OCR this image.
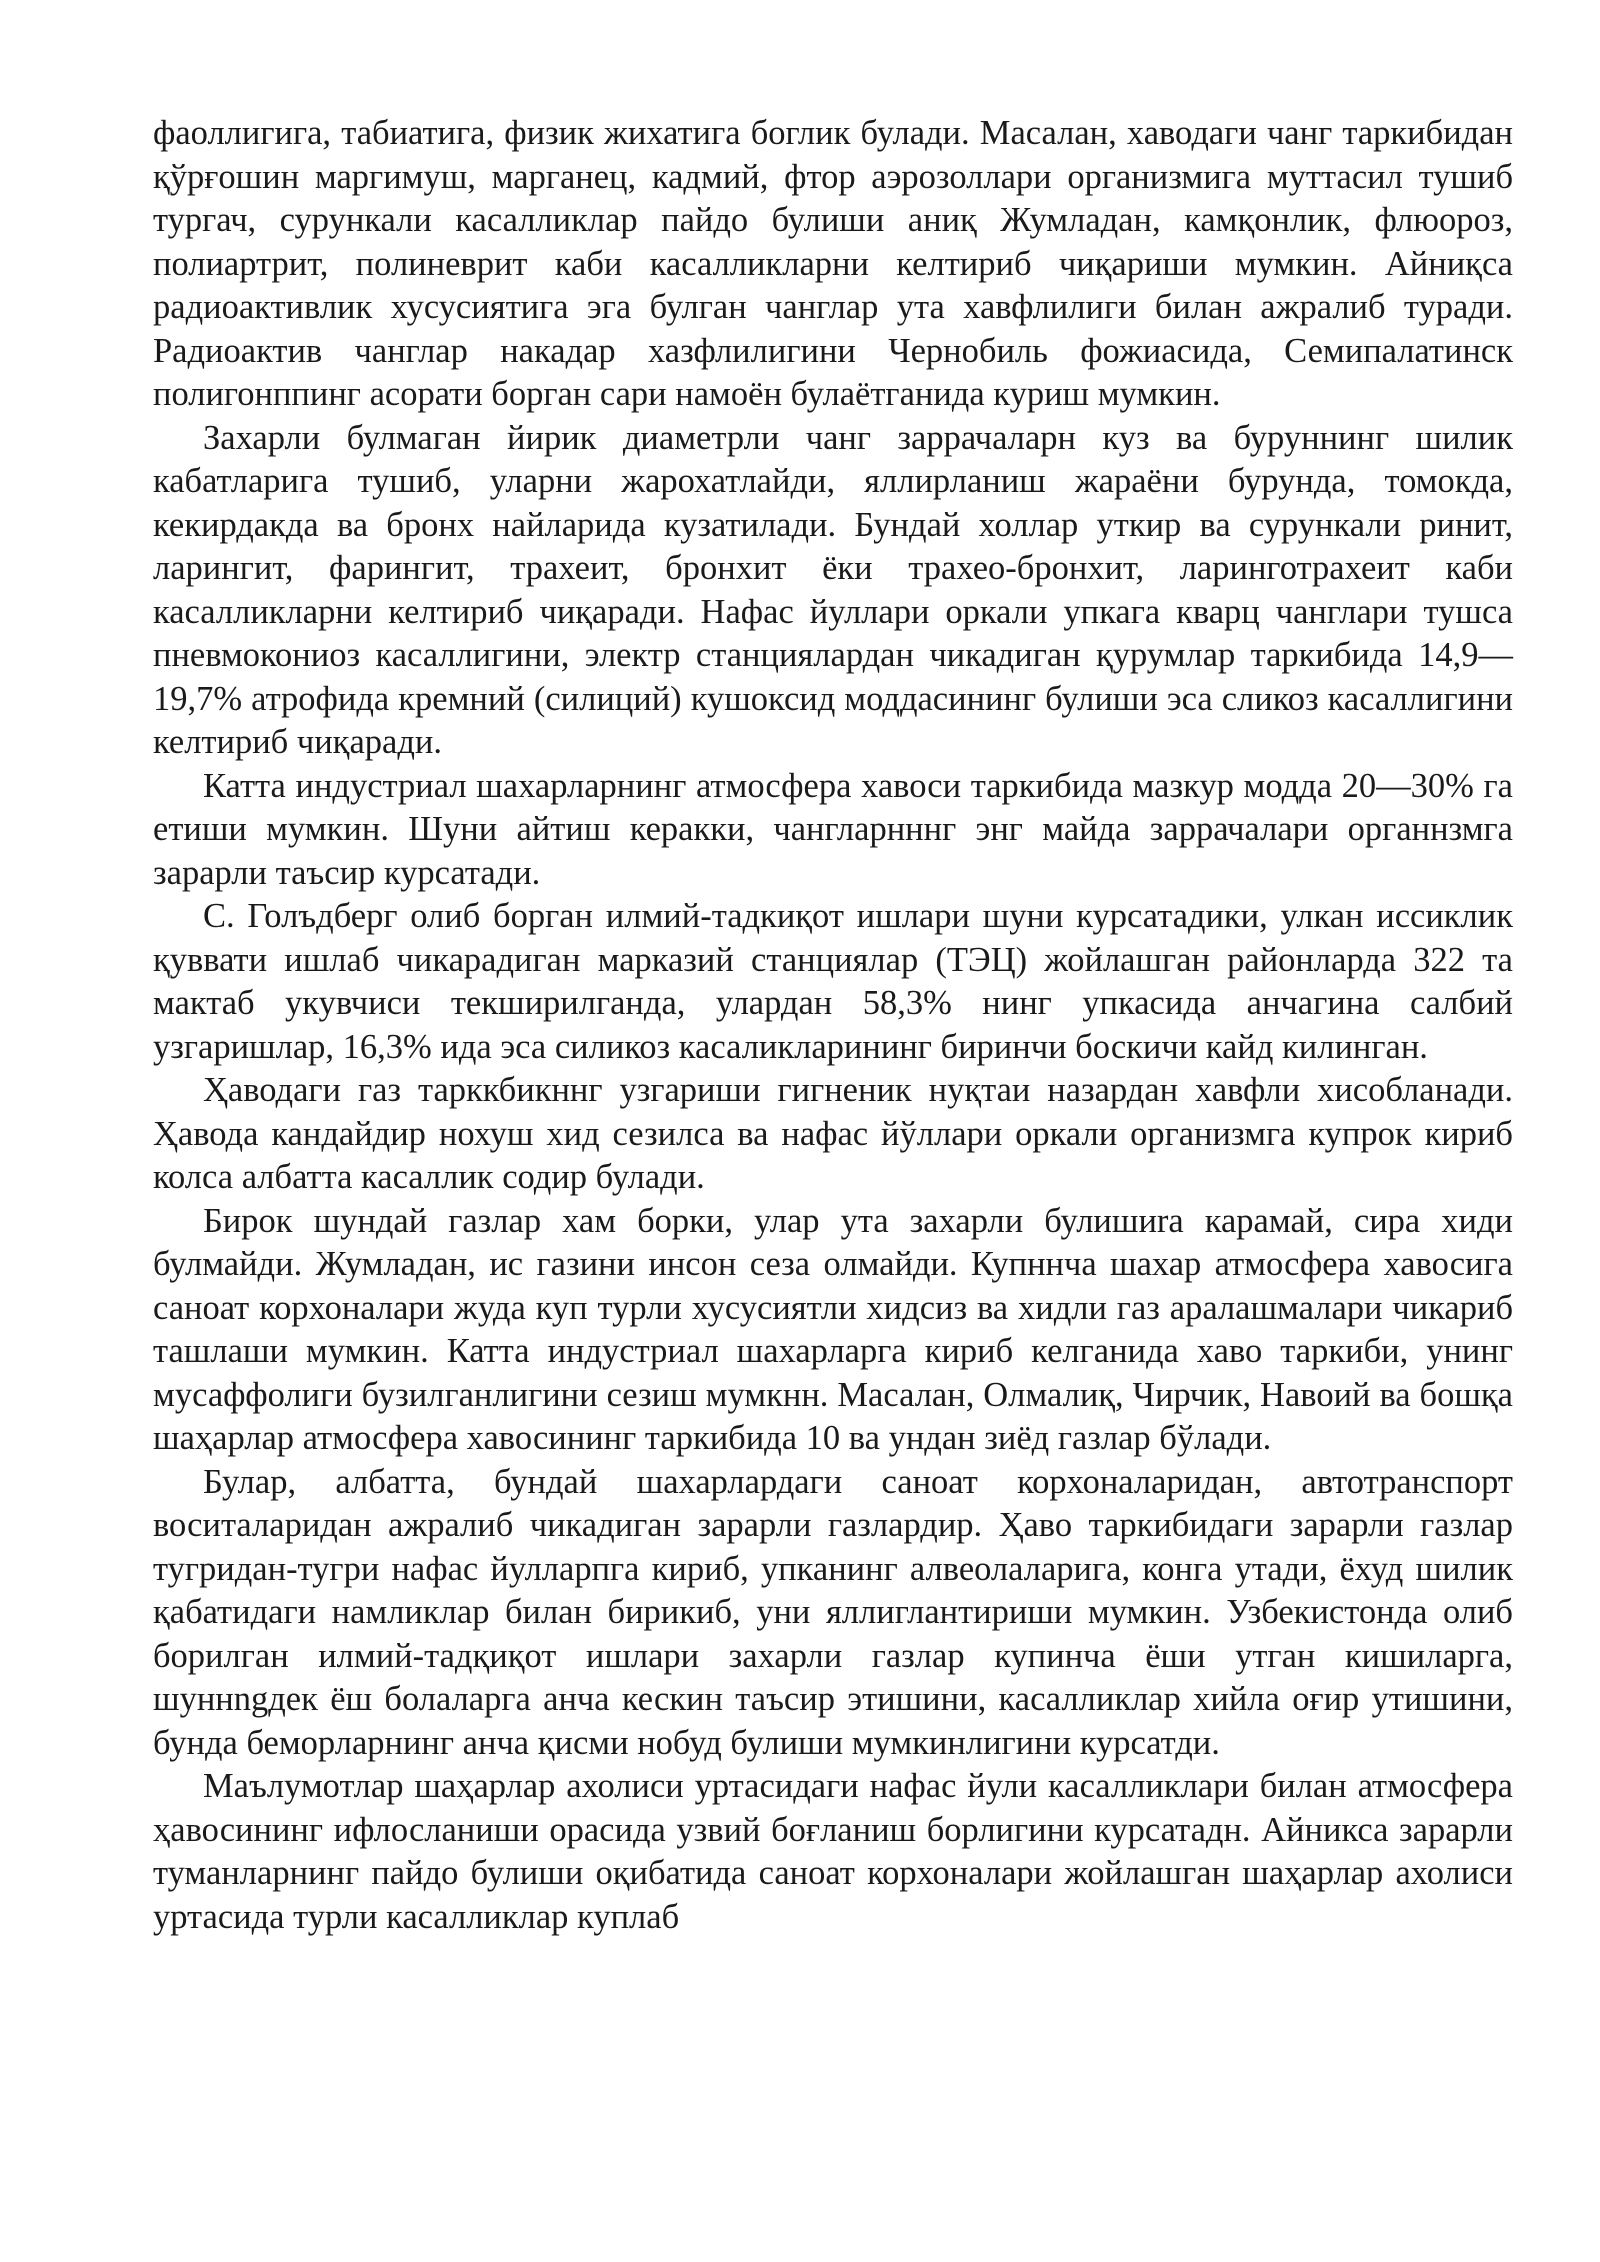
фаоллигига, табиатига, физик жихатига боглик булади. Масалан, хаводаги чанг таркибидан қўрғошин маргимуш, марганец, кадмий, фтор аэрозоллари организмига муттасил тушиб тургач, сурункали касалликлар пайдо булиши аниқ Жумладан, камқонлик, флюороз, полиартрит, полиневрит каби касалликларни келтириб чиқариши мумкин. Айниқса радиоактивлик хусусиятига эга булган чанглар ута хавфлилиги билан ажралиб туради. Радиоактив чанглар накадар хазфлилигини Чернобиль фожиасида, Семипалатинск полигонппинг асорати борган сари намоён булаётганида куриш мумкин.

Захарли булмаган йирик диаметрли чанг заррачаларн куз ва буруннинг шилик кабатларига тушиб, уларни жарохатлайди, яллирланиш жараёни бурунда, томокда, кекирдакда ва бронх найларида кузатилади. Бундай холлар уткир ва сурункали ринит, ларингит, фарингит, трахеит, бронхит ёки трахео-бронхит, ларинготрахеит каби касалликларни келтириб чиқаради. Нафас йуллари оркали упкага кварц чанглари тушса пневмокониоз касаллигини, электр станциялардан чикадиган қурумлар таркибида 14,9—19,7% атрофида кремний (силиций) кушоксид моддасининг булиши эса сликоз касаллигини келтириб чиқаради.

Катта индустриал шахарларнинг атмосфера хавоси таркибида мазкур модда 20—30% га етиши мумкин. Шуни айтиш керакки, чангларнннг энг майда заррачалари органнзмга зарарли таъсир курсатади.

С. Голъдберг олиб борган илмий-тадкиқот ишлари шуни курсатадики, улкан иссиклик қуввати ишлаб чикарадиган марказий станциялар (ТЭЦ) жойлашган районларда 322 та мактаб укувчиси текширилганда, улардан 58,3% нинг упкасида анчагина салбий узгаришлар, 16,3% ида эса силикоз касаликларининг биринчи боскичи кайд килинган.

Ҳаводаги газ тарккбикннг узгариши гигненик нуқтаи назардан хавфли хисобланади. Ҳавода кандайдир нохуш хид сезилса ва нафас йўллари оркали организмга купрок кириб колса албатта касаллик содир булади.

Бирок шундай газлар хам борки, улар ута захарли булишиrа карамай, сира хиди булмайди. Жумладан, ис газини инсон сеза олмайди. Купннча шахар атмосфера хавосига саноат корхоналари жуда куп турли хусусиятли хидсиз ва хидли газ аралашмалари чикариб ташлаши мумкин. Катта индустриал шахарларга кириб келганида хаво таркиби, унинг мусаффолиги бузилганлигини сезиш мумкнн. Масалан, Олмалиқ, Чирчик, Навоий ва бошқа шаҳарлар атмосфера хавосининг таркибида 10 ва ундан зиёд газлар бўлади.

Булар, албатта, бундай шахарлардаги саноат корхоналаридан, автотранспорт воситаларидан ажралиб чикадиган зарарли газлардир. Ҳаво таркибидаги зарарли газлар тугридан-тугри нафас йулларпга кириб, упканинг алвеолаларига, конга утади, ёхуд шилик қабатидаги намликлар билан бирикиб, уни яллиглантириши мумкин. Узбекистонда олиб борилган илмий-тадқиқот ишлари захарли газлар купинча ёши утган кишиларга, шуннngдек ёш болаларга анча кескин таъсир этишини, касалликлар хийла оғир утишини, бунда беморларнинг анча қисми нобуд булиши мумкинлигини курсатди.

Маълумотлар шаҳарлар ахолиси уртасидаги нафас йули касалликлари билан атмосфера ҳавосининг ифлосланиши орасида узвий боғланиш борлигини курсатадн. Айникса зарарли туманларнинг пайдо булиши оқибатида саноат корхоналари жойлашган шаҳарлар ахолиси уртасида турли касалликлар куплаб
